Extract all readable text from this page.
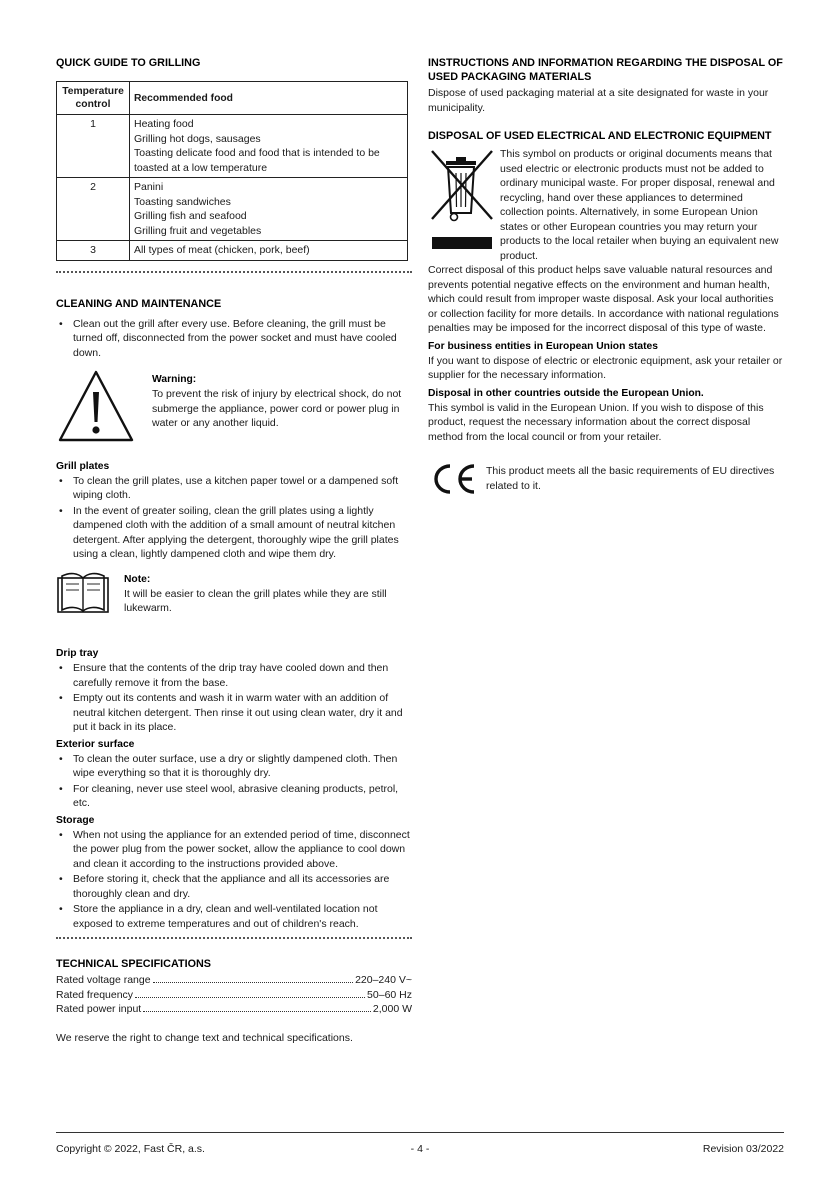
QUICK GUIDE TO GRILLING
Temperature control	Recommended food
1	Heating food
Grilling hot dogs, sausages
Toasting delicate food and food that is intended to be toasted at a low temperature

2	Panini
Toasting sandwiches
Grilling fish and seafood
Grilling fruit and vegetables

3	All types of meat (chicken, pork, beef)
CLEANING AND MAINTENANCE
• Clean out the grill after every use. Before cleaning, the grill must be turned off, disconnected from the power socket and must have cooled down.
Warning:

To prevent the risk of injury by electrical shock, do not submerge the appliance, power cord or power plug in water or any another liquid.

Grill plates
• To clean the grill plates, use a kitchen paper towel or a dampened soft wiping cloth.
• In the event of greater soiling, clean the grill plates using a lightly dampened cloth with the addition of a small amount of neutral kitchen detergent. After applying the detergent, thoroughly wipe the grill plates using a clean, lightly dampened cloth and wipe them dry.
Note:

It will be easier to clean the grill plates while they are still lukewarm.

Drip tray
• Ensure that the contents of the drip tray have cooled down and then carefully remove it from the base.
• Empty out its contents and wash it in warm water with an addition of neutral kitchen detergent. Then rinse it out using clean water, dry it and put it back in its place.
Exterior surface
• To clean the outer surface, use a dry or slightly dampened cloth. Then wipe everything so that it is thoroughly dry.
• For cleaning, never use steel wool, abrasive cleaning products, petrol, etc.
Storage
• When not using the appliance for an extended period of time, disconnect the power plug from the power socket, allow the appliance to cool down and clean it according to the instructions provided above.
• Before storing it, check that the appliance and all its accessories are thoroughly clean and dry.
• Store the appliance in a dry, clean and well-ventilated location not exposed to extreme temperatures and out of children's reach.
TECHNICAL SPECIFICATIONS
Rated voltage range	220–240 V~
Rated frequency	50–60 Hz
Rated power input	2,000 W

We reserve the right to change text and technical specifications.

INSTRUCTIONS AND INFORMATION REGARDING THE DISPOSAL OF USED PACKAGING MATERIALS

Dispose of used packaging material at a site designated for waste in your municipality.

DISPOSAL OF USED ELECTRICAL AND ELECTRONIC EQUIPMENT

This symbol on products or original documents means that used electric or electronic products must not be added to ordinary municipal waste. For proper disposal, renewal and recycling, hand over these appliances to determined collection points. Alternatively, in some European Union states or other European countries you may return your products to the local retailer when buying an equivalent new product.

Correct disposal of this product helps save valuable natural resources and prevents potential negative effects on the environment and human health, which could result from improper waste disposal. Ask your local authorities or collection facility for more details. In accordance with national regulations penalties may be imposed for the incorrect disposal of this type of waste.

For business entities in European Union states

If you want to dispose of electric or electronic equipment, ask your retailer or supplier for the necessary information.

Disposal in other countries outside the European Union.

This symbol is valid in the European Union. If you wish to dispose of this product, request the necessary information about the correct disposal method from the local council or from your retailer.

This product meets all the basic requirements of EU directives related to it.

Copyright © 2022, Fast ČR, a.s.	- 4 -	Revision 03/2022
